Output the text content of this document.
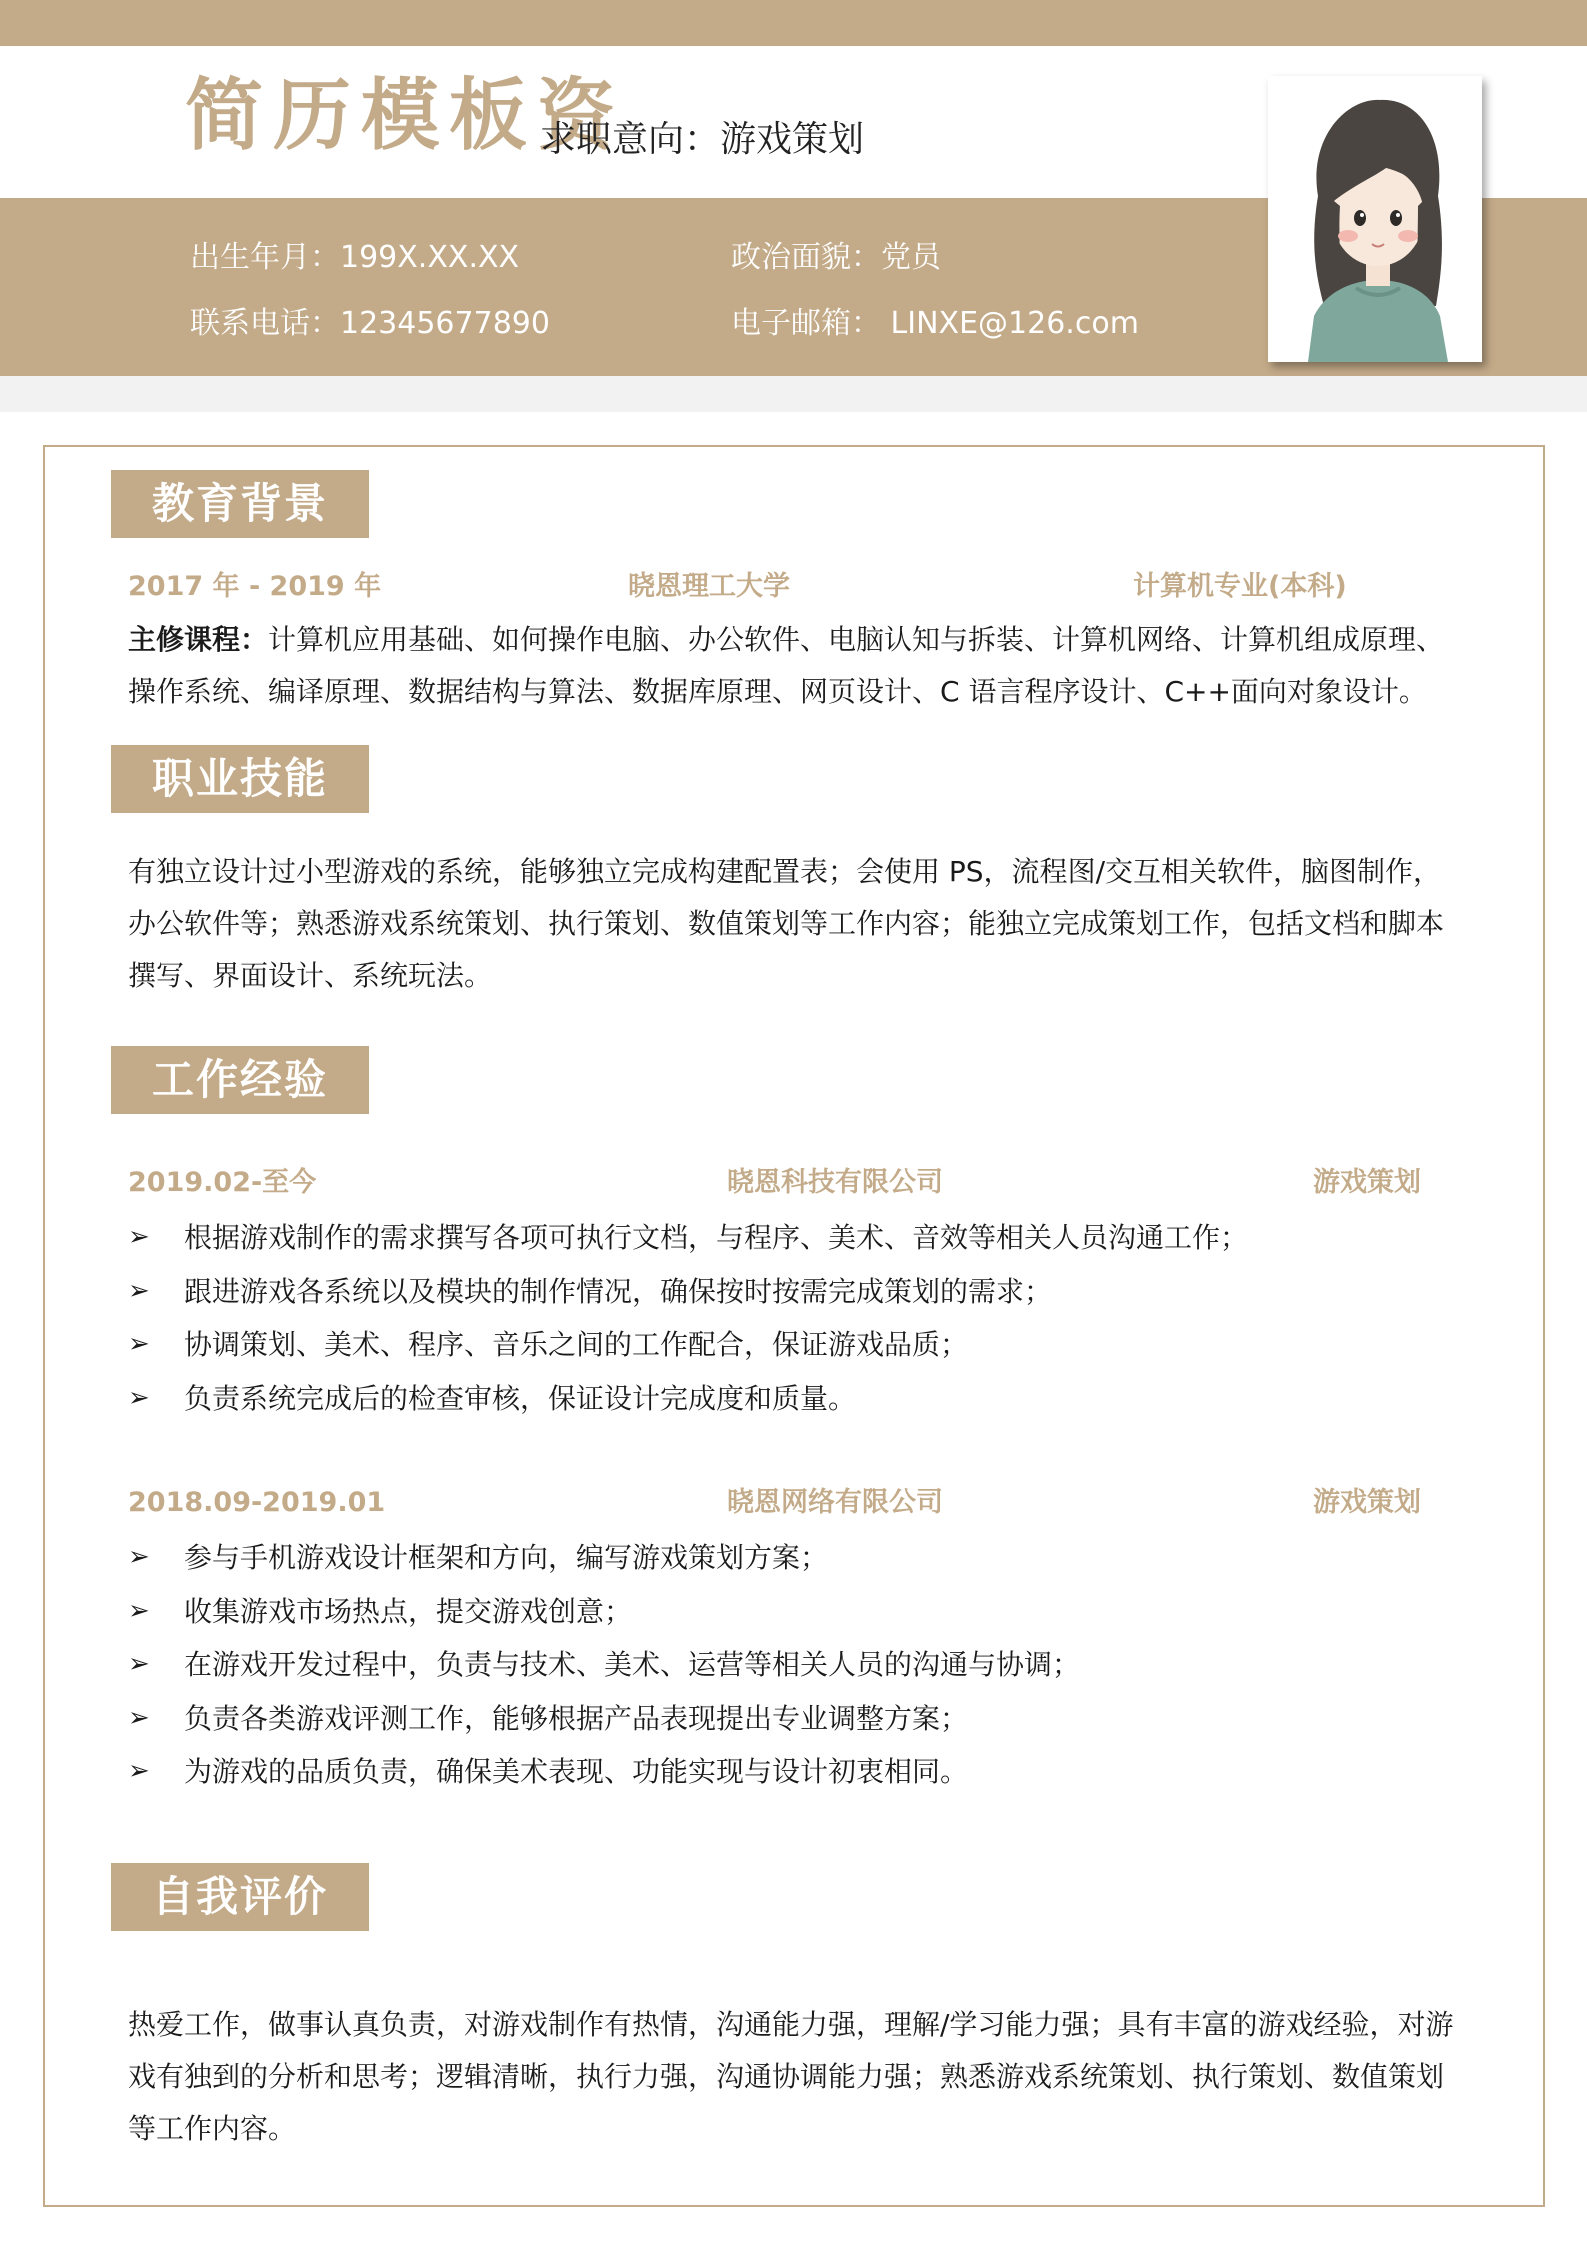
简历模板资
求职意向：游戏策划
出生年月：199X.XX.XX	政治面貌：党员
联系电话：12345677890	电子邮箱： LINXE@126.com
教育背景
2017 年 - 2019 年	晓恩理工大学	计算机专业(本科)

主修课程：计算机应用基础、如何操作电脑、办公软件、电脑认知与拆装、计算机网络、计算机组成原理、操作系统、编译原理、数据结构与算法、数据库原理、网页设计、C 语言程序设计、C++面向对象设计。

职业技能

有独立设计过小型游戏的系统，能够独立完成构建配置表；会使用 PS，流程图/交互相关软件，脑图制作，办公软件等；熟悉游戏系统策划、执行策划、数值策划等工作内容；能独立完成策划工作，包括文档和脚本撰写、界面设计、系统玩法。

工作经验
2019.02-至今	晓恩科技有限公司	游戏策划
➢ 根据游戏制作的需求撰写各项可执行文档，与程序、美术、音效等相关人员沟通工作；
➢ 跟进游戏各系统以及模块的制作情况，确保按时按需完成策划的需求；
➢ 协调策划、美术、程序、音乐之间的工作配合，保证游戏品质；
➢ 负责系统完成后的检查审核，保证设计完成度和质量。
2018.09-2019.01	晓恩网络有限公司	游戏策划
➢ 参与手机游戏设计框架和方向，编写游戏策划方案；
➢ 收集游戏市场热点，提交游戏创意；
➢ 在游戏开发过程中，负责与技术、美术、运营等相关人员的沟通与协调；
➢ 负责各类游戏评测工作，能够根据产品表现提出专业调整方案；
➢ 为游戏的品质负责，确保美术表现、功能实现与设计初衷相同。
自我评价

热爱工作，做事认真负责，对游戏制作有热情，沟通能力强，理解/学习能力强；具有丰富的游戏经验，对游戏有独到的分析和思考；逻辑清晰，执行力强，沟通协调能力强；熟悉游戏系统策划、执行策划、数值策划等工作内容。
